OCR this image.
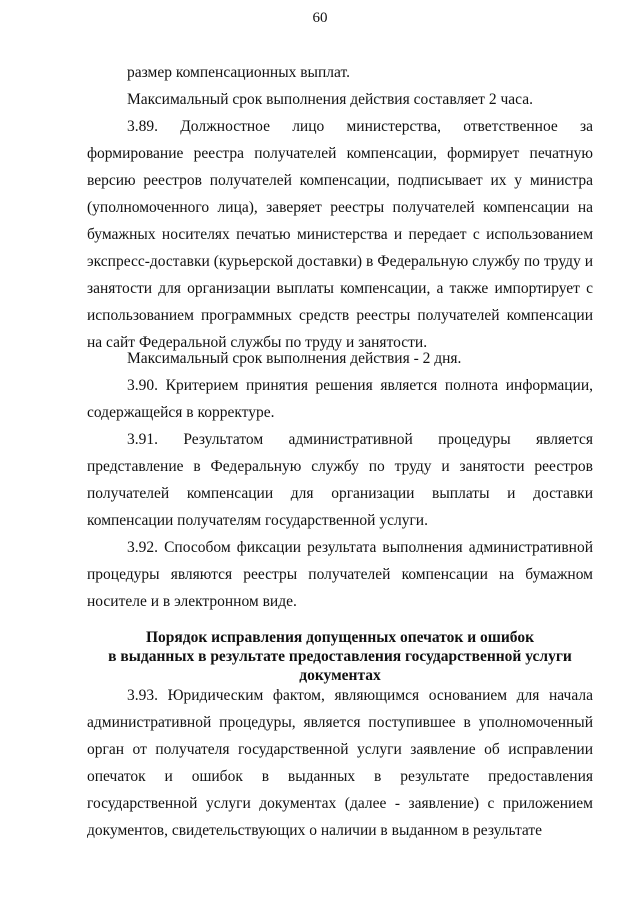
60

размер компенсационных выплат.

Максимальный срок выполнения действия составляет 2 часа.

3.89. Должностное лицо министерства, ответственное за формирование реестра получателей компенсации, формирует печатную версию реестров получателей компенсации, подписывает их у министра (уполномоченного лица), заверяет реестры получателей компенсации на бумажных носителях печатью министерства и передает с использованием экспресс-доставки (курьерской доставки) в Федеральную службу по труду и занятости для организации выплаты компенсации, а также импортирует с использованием программных средств реестры получателей компенсации на сайт Федеральной службы по труду и занятости.

Максимальный срок выполнения действия - 2 дня.

3.90. Критерием принятия решения является полнота информации, содержащейся в корректуре.

3.91. Результатом административной процедуры является представление в Федеральную службу по труду и занятости реестров получателей компенсации для организации выплаты и доставки компенсации получателям государственной услуги.

3.92. Способом фиксации результата выполнения административной процедуры являются реестры получателей компенсации на бумажном носителе и в электронном виде.

Порядок исправления допущенных опечаток и ошибок
в выданных в результате предоставления государственной услуги
документах

3.93. Юридическим фактом, являющимся основанием для начала административной процедуры, является поступившее в уполномоченный орган от получателя государственной услуги заявление об исправлении опечаток и ошибок в выданных в результате предоставления государственной услуги документах (далее - заявление) с приложением документов, свидетельствующих о наличии в выданном в результате
